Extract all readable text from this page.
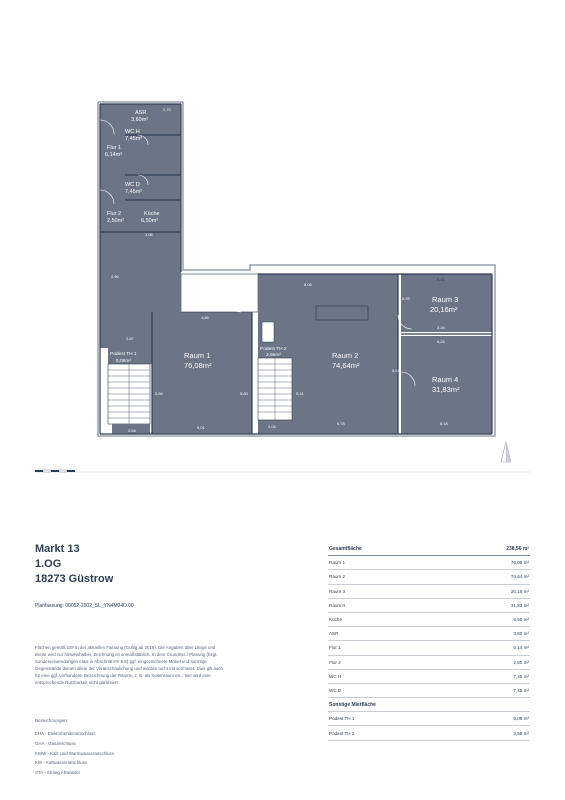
ASR
3,60m²
WC H
7,45m²
Flur 1
6,14m²
WC D
7,45m²
Flur 2
2,50m²
Küche
6,50m²
Raum 1
76,08m²
Podest TH 1
5,08m²
Podest TH 2
2,58m²	Raum 2
74,64m²
Raum 3
20,16m²
Raum 4
31,83m²
2,70
3,06
2,96
4,85
2,87
5,41
8,06
6,93
3,24
6,24
5,51
2,54
2,04
6,78	5,18
2,84	5,80
6,01
5,41
Markt 13
1.OG
18273 Güstrow
Planfassung: 00052-2002_SL_YN4M04D.00
Flächen gemäß GIF in der aktuellen Fassung (Gültig ab 2019). Die Angaben über Länge und Breite wird nur hinweishalber, Zeichnung ist unmaßstäblich. In dem Grundriss / Planung (bzgl. Sonderverwendungen etwa in Abschnitt HV 8.8) ggf. eingezeichnete Möbel und sonstige Gegenstände dienen allein der Veranschaulichung und werden nicht mit vermietet. Dies gilt auch für eine ggf. vorhandene Bezeichnung der Räume, z. B. als Seitenraum etc., hier wird eine entsprechende Nutzbarkeit nicht garantiert.
Bezeichnungen:
EHA - Elektrohendenanschluss
GHA - Gasanschluss
KWW - Kalt- und Warmwasseranschluss
KW - Kaltwasseranschluss
STA - Strang Abwasser
Gesamtfläche	238,56 m²
Raum 1	76,08 m²
Raum 2	74,64 m²
Raum 3	20,16 m²
Raum 4	31,83 m²
Küche	6,50 m²
ASR	3,60 m²
Flur 1	6,14 m²
Flur 2	2,50 m²
WC H	7,45 m²
WC D	7,45 m²
Sonstige Mietfläche
Podest TH 1	5,08 m²
Podest TH 2	2,58 m²
